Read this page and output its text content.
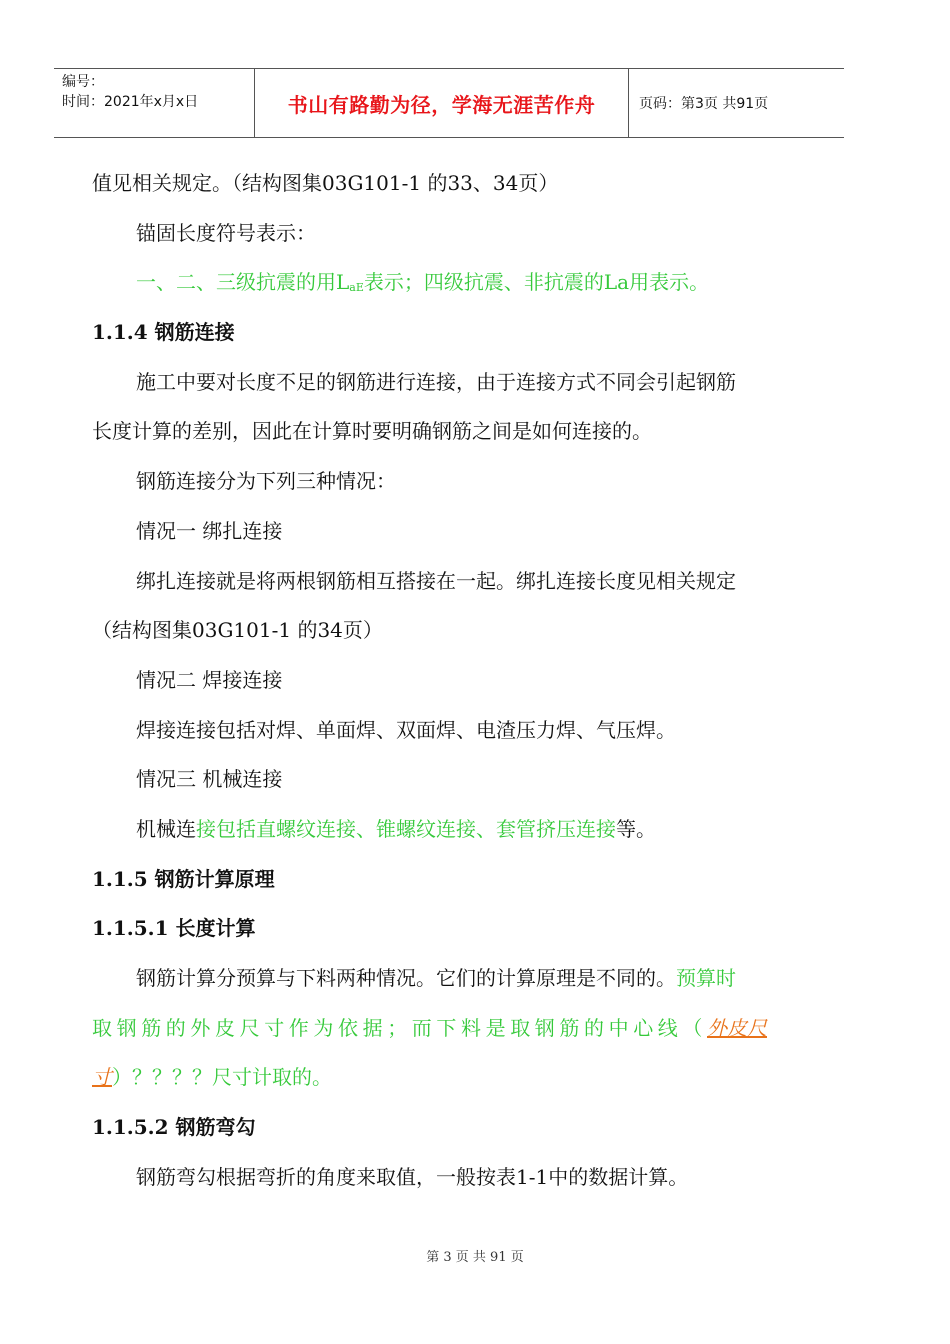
编号：
时间：2021年x月x日	书山有路勤为径，学海无涯苦作舟	页码：第3页 共91页
值见相关规定。（结构图集03G101-1 的33、34页）
锚固长度符号表示：
一、二、三级抗震的用LaE表示；四级抗震、非抗震的La用表示。
1.1.4 钢筋连接
施工中要对长度不足的钢筋进行连接，由于连接方式不同会引起钢筋
长度计算的差别，因此在计算时要明确钢筋之间是如何连接的。
钢筋连接分为下列三种情况：
情况一 绑扎连接
绑扎连接就是将两根钢筋相互搭接在一起。绑扎连接长度见相关规定
（结构图集03G101-1 的34页）
情况二 焊接连接
焊接连接包括对焊、单面焊、双面焊、电渣压力焊、气压焊。
情况三 机械连接
机械连接包括直螺纹连接、锥螺纹连接、套管挤压连接等。
1.1.5 钢筋计算原理
1.1.5.1 长度计算
钢筋计算分预算与下料两种情况。它们的计算原理是不同的。预算时
取钢筋的外皮尺寸作为依据；而下料是取钢筋的中心线（外皮尺
寸）？？？？尺寸计取的。
1.1.5.2 钢筋弯勾
钢筋弯勾根据弯折的角度来取值，一般按表1-1中的数据计算。
第 3 页 共 91 页
